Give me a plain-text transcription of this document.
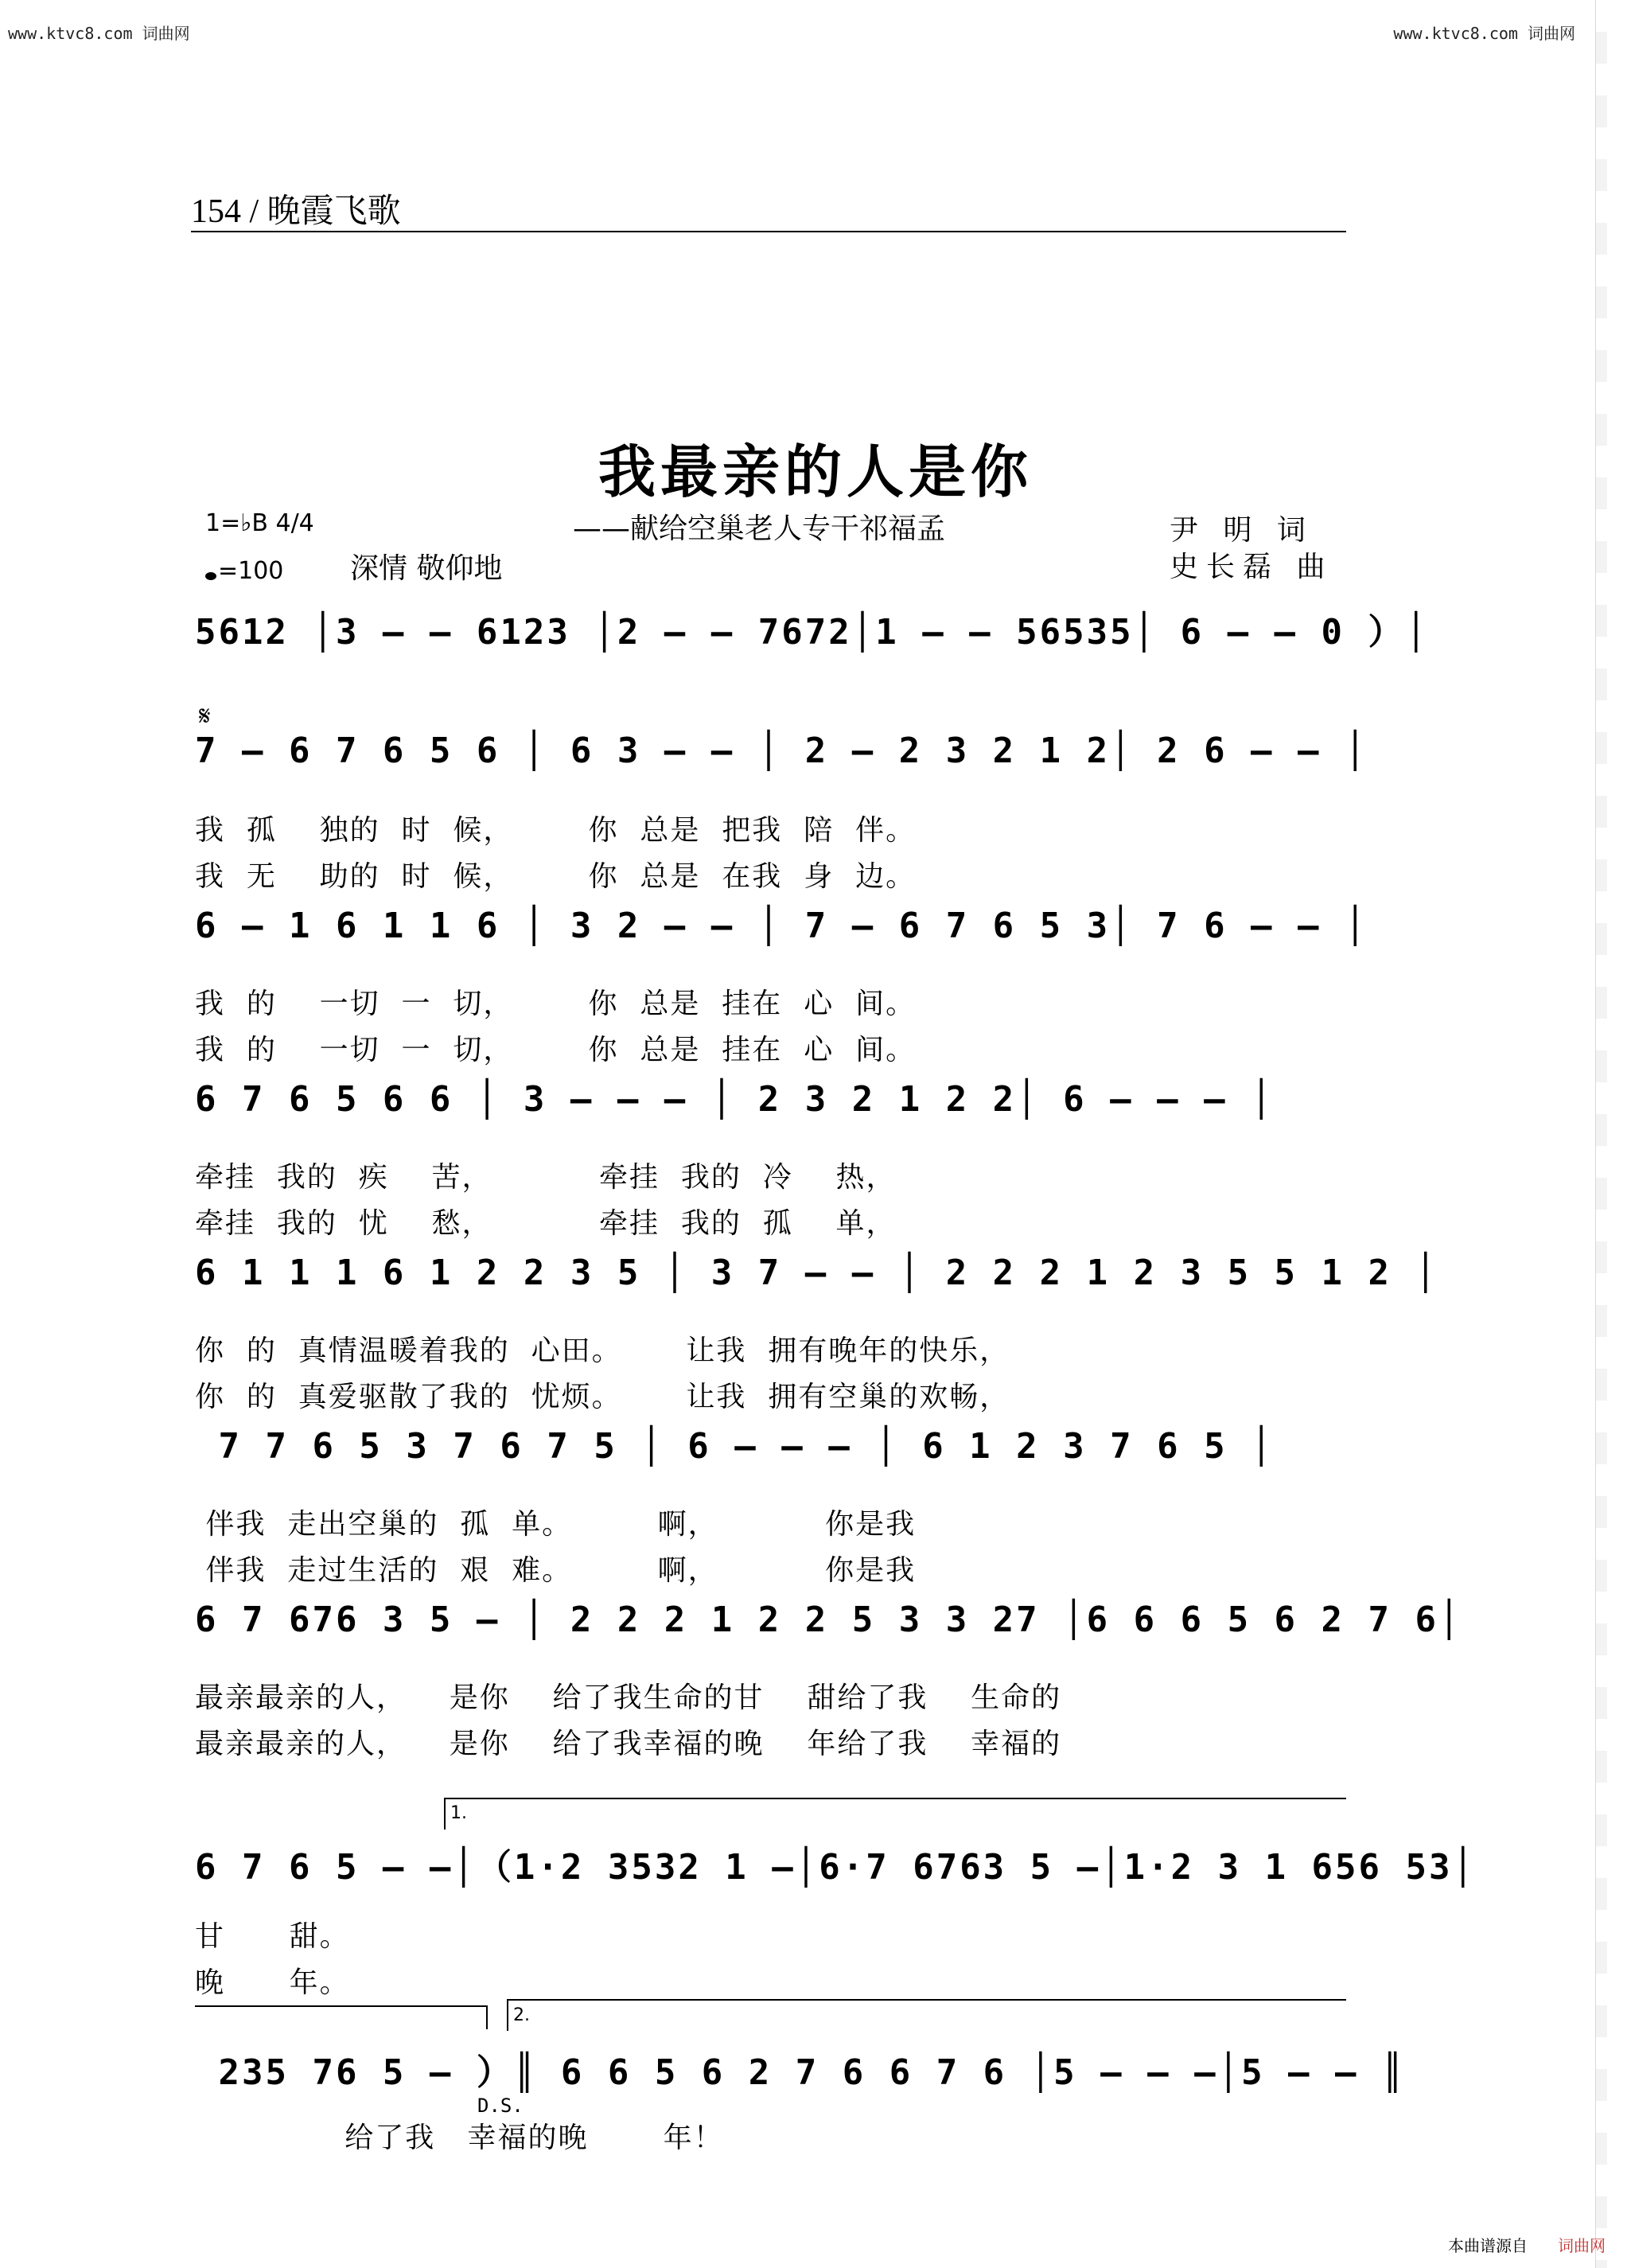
www.ktvc8.com 词曲网	www.ktvc8.com 词曲网
154 / 晚霞飞歌
我最亲的人是你
——献给空巢老人专干祁福孟	尹 明 词
史长磊 曲
1=♭B 4/4
=100 深情 敬仰地
5612 │3 – – 6123 │2 – – 7672│1 – – 56535│ 6 – – 0 ）│
𝄋
7 – 6 7 6 5 6 │ 6 3 – – │ 2 – 2 3 2 1 2│ 2 6 – – │
我  孤    独的  时  候，       你  总是  把我  陪  伴。
我  无    助的  时  候，       你  总是  在我  身  边。
6 – 1 6 1 1 6 │ 3 2 – – │ 7 – 6 7 6 5 3│ 7 6 – – │
我  的    一切  一  切，       你  总是  挂在  心  间。
我  的    一切  一  切，       你  总是  挂在  心  间。
6 7 6 5 6 6 │ 3 – – – │ 2 3 2 1 2 2│ 6 – – – │
牵挂  我的  疾    苦，          牵挂  我的  冷    热，
牵挂  我的  忧    愁，          牵挂  我的  孤    单，
6 1 1 1 6 1 2 2 3 5 │ 3 7 – – │ 2 2 2 1 2 3 5 5 1 2 │
你  的  真情温暖着我的  心田。      让我  拥有晚年的快乐，
你  的  真爱驱散了我的  忧烦。      让我  拥有空巢的欢畅，
7 7 6 5 3 7 6 7 5 │ 6 – – – │ 6 1 2 3 7 6 5 │
伴我  走出空巢的  孤  单。        啊，          你是我
伴我  走过生活的  艰  难。        啊，          你是我
6 7 676 3 5 – │ 2 2 2 1 2 2 5 3 3 27 │6 6 6 5 6 2 7 6│
最亲最亲的人，    是你    给了我生命的甘    甜给了我    生命的
最亲最亲的人，    是你    给了我幸福的晚    年给了我    幸福的
1.
6 7 6 5 – –│（1·2 3532 1 –│6·7 6763 5 –│1·2 3 1 656 53│
甘      甜。
晚      年。
2.
235 76 5 – ）║ 6 6 5 6 2 7 6 6 7 6 │5 – – –│5 – – ║
D.S.
给了我   幸福的晚       年！
本曲谱源自 词曲网
